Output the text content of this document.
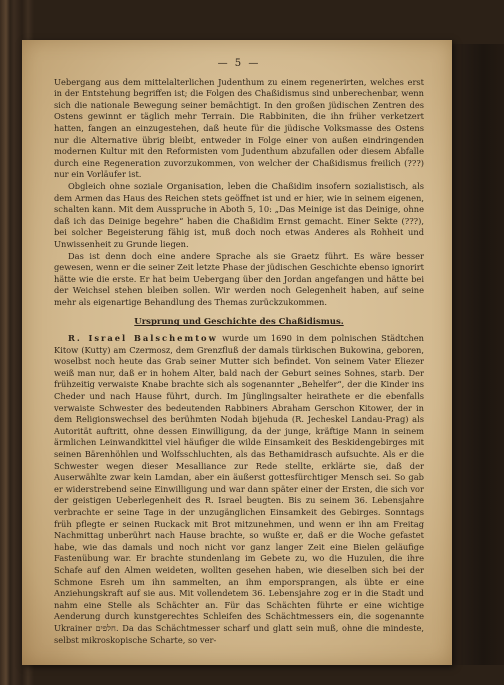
— 5 —

Uebergang aus dem mittelalterlichen Judenthum zu einem regenerirten, welches erst in der Entstehung begriffen ist; die Folgen des Chaßidismus sind unberechenbar, wenn sich die nationale Bewegung seiner bemächtigt. In den großen jüdischen Zentren des Ostens gewinnt er täglich mehr Terrain. Die Rabbiniten, die ihn früher verketzert hatten, fangen an einzugestehen, daß heute für die jüdische Volksmasse des Ostens nur die Alternative übrig bleibt, entweder in Folge einer von außen eindringenden modernen Kultur mit den Reformisten vom Judenthum abzufallen oder diesem Abfalle durch eine Regeneration zuvorzukommen, von welcher der Chaßidismus freilich (???) nur ein Vorläufer ist.

Obgleich ohne soziale Organisation, leben die Chaßidim insofern sozialistisch, als dem Armen das Haus des Reichen stets geöffnet ist und er hier, wie in seinem eigenen, schalten kann. Mit dem Ausspruche in Aboth 5, 10: „Das Meinige ist das Deinige, ohne daß ich das Deinige begehre“ haben die Chaßidim Ernst gemacht. Einer Sekte (???), bei solcher Begeisterung fähig ist, muß doch noch etwas Anderes als Rohheit und Unwissenheit zu Grunde liegen.

Das ist denn doch eine andere Sprache als sie Graetz führt. Es wäre besser gewesen, wenn er die seiner Zeit letzte Phase der jüdischen Geschichte ebenso ignorirt hätte wie die erste. Er hat beim Uebergang über den Jordan angefangen und hätte bei der Weichsel stehen bleiben sollen. Wir werden noch Gelegenheit haben, auf seine mehr als eigenartige Behandlung des Themas zurückzukommen.

Ursprung und Geschichte des Chaßidismus.

R. Israel Balschemtow wurde um 1690 in dem polnischen Städtchen Kitow (Kutty) am Czermosz, dem Grenzfluß der damals türkischen Bukowina, geboren, woselbst noch heute das Grab seiner Mutter sich befindet. Von seinem Vater Eliezer weiß man nur, daß er in hohem Alter, bald nach der Geburt seines Sohnes, starb. Der frühzeitig verwaiste Knabe brachte sich als sogenannter „Behelfer“, der die Kinder ins Cheder und nach Hause führt, durch. Im Jünglingsalter heirathete er die ebenfalls verwaiste Schwester des bedeutenden Rabbiners Abraham Gerschon Kitower, der in dem Religionswechsel des berühmten Nodah bijehuda (R. Jecheskel Landau-Prag) als Autorität auftritt, ohne dessen Einwilligung, da der junge, kräftige Mann in seinem ärmlichen Leinwandkittel viel häufiger die wilde Einsamkeit des Beskidengebirges mit seinen Bärenhöhlen und Wolfsschluchten, als das Bethamidrasch aufsuchte. Als er die Schwester wegen dieser Mesalliance zur Rede stellte, erklärte sie, daß der Auserwählte zwar kein Lamdan, aber ein äußerst gottesfürchtiger Mensch sei. So gab er widerstrebend seine Einwilligung und war dann später einer der Ersten, die sich vor der geistigen Ueberlegenheit des R. Israel beugten. Bis zu seinem 36. Lebensjahre verbrachte er seine Tage in der unzugänglichen Einsamkeit des Gebirges. Sonntags früh pflegte er seinen Ruckack mit Brot mitzunehmen, und wenn er ihn am Freitag Nachmittag unberührt nach Hause brachte, so wußte er, daß er die Woche gefastet habe, wie das damals und noch nicht vor ganz langer Zeit eine Bielen geläufige Fastenübung war. Er brachte stundenlang im Gebete zu, wo die Huzulen, die ihre Schafe auf den Almen weideten, wollten gesehen haben, wie dieselben sich bei der Schmone Esreh um ihn sammelten, an ihm emporsprangen, als übte er eine Anziehungskraft auf sie aus. Mit vollendetem 36. Lebensjahre zog er in die Stadt und nahm eine Stelle als Schächter an. Für das Schächten führte er eine wichtige Aenderung durch kunstgerechtes Schleifen des Schächtmessers ein, die sogenannte Ukrainer חלפים. Da das Schächtmesser scharf und glatt sein muß, ohne die mindeste, selbst mikroskopische Scharte, so ver-
